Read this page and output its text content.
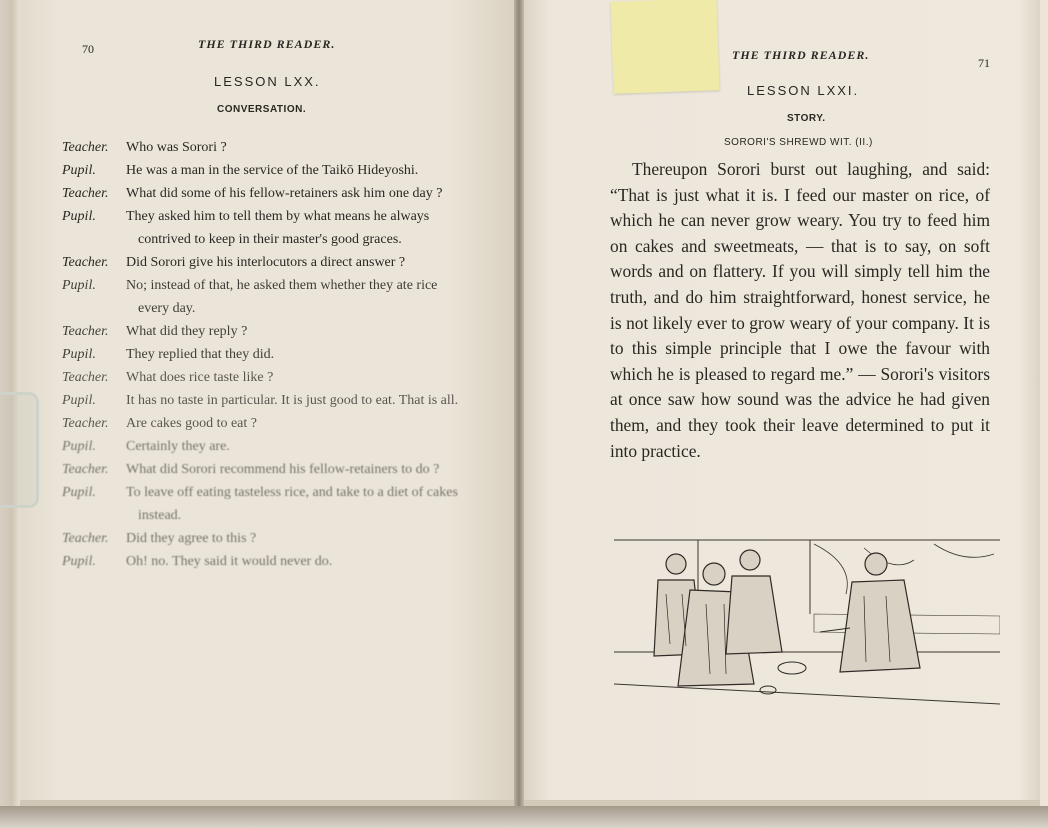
70	THE THIRD READER.
LESSON LXX.
CONVERSATION.
Teacher.	Who was Sorori ?
Pupil.	He was a man in the service of the Taikō Hideyoshi.
Teacher.	What did some of his fellow-retainers ask him one day ?
Pupil.	They asked him to tell them by what means he always contrived to keep in their master's good graces.
Teacher.	Did Sorori give his interlocutors a direct answer ?
Pupil.	No; instead of that, he asked them whether they ate rice every day.
Teacher.	What did they reply ?
Pupil.	They replied that they did.
Teacher.	What does rice taste like ?
Pupil.	It has no taste in particular. It is just good to eat. That is all.
Teacher.	Are cakes good to eat ?
Pupil.	Certainly they are.
Teacher.	What did Sorori recommend his fellow-retainers to do ?
Pupil.	To leave off eating tasteless rice, and take to a diet of cakes instead.
Teacher.	Did they agree to this ?
Pupil.	Oh! no. They said it would never do.
THE THIRD READER.
71
LESSON LXXI.
STORY.
SORORI'S SHREWD WIT. (II.)
Thereupon Sorori burst out laughing, and said: “That is just what it is. I feed our master on rice, of which he can never grow weary. You try to feed him on cakes and sweetmeats, — that is to say, on soft words and on flattery. If you will simply tell him the truth, and do him straightforward, honest service, he is not likely ever to grow weary of your company. It is to this simple principle that I owe the favour with which he is pleased to regard me.” — Sorori's visitors at once saw how sound was the advice he had given them, and they took their leave determined to put it into practice.
